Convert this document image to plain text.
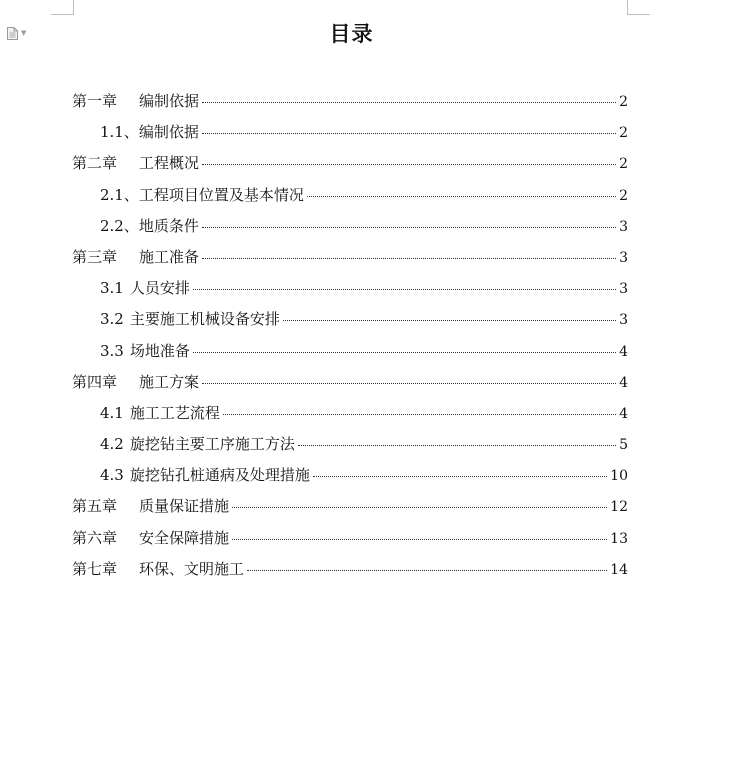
▼	目录
第一章 编制依据	2
1.1、编制依据	2
第二章 工程概况	2
2.1、工程项目位置及基本情况	2
2.2、地质条件	3
第三章 施工准备	3
3.1 人员安排	3
3.2 主要施工机械设备安排	3
3.3 场地准备	4
第四章 施工方案	4
4.1 施工工艺流程	4
4.2 旋挖钻主要工序施工方法	5
4.3 旋挖钻孔桩通病及处理措施	10
第五章 质量保证措施	12
第六章 安全保障措施	13
第七章 环保、文明施工	14
